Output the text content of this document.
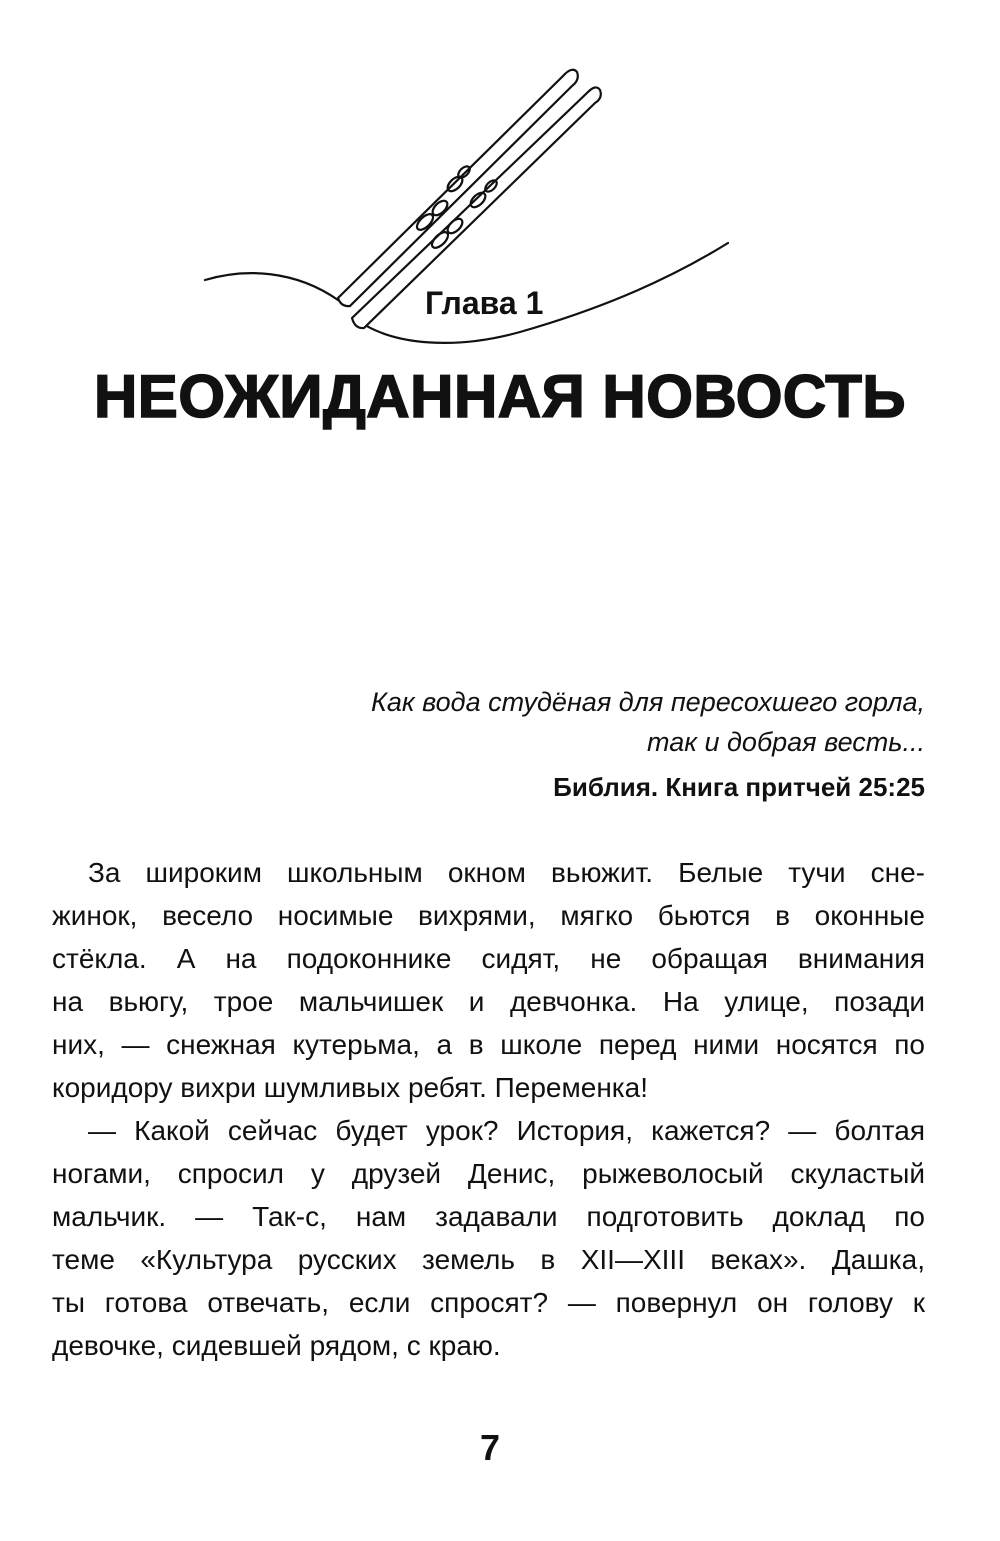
Глава 1
НЕОЖИДАННАЯ НОВОСТЬ
Как вода студёная для пересохшего горла,
так и добрая весть...
Библия. Книга притчей 25:25
За широким школьным окном вьюжит. Белые тучи сне-
жинок, весело носимые вихрями, мягко бьются в оконные
стёкла. А на подоконнике сидят, не обращая внимания
на вьюгу, трое мальчишек и девчонка. На улице, позади
них, — снежная кутерьма, а в школе перед ними носятся по
коридору вихри шумливых ребят. Переменка!
— Какой сейчас будет урок? История, кажется? — болтая
ногами, спросил у друзей Денис, рыжеволосый скуластый
мальчик. — Так-с, нам задавали подготовить доклад по
теме «Культура русских земель в XII—XIII веках». Дашка,
ты готова отвечать, если спросят? — повернул он голову к
девочке, сидевшей рядом, с краю.
7
